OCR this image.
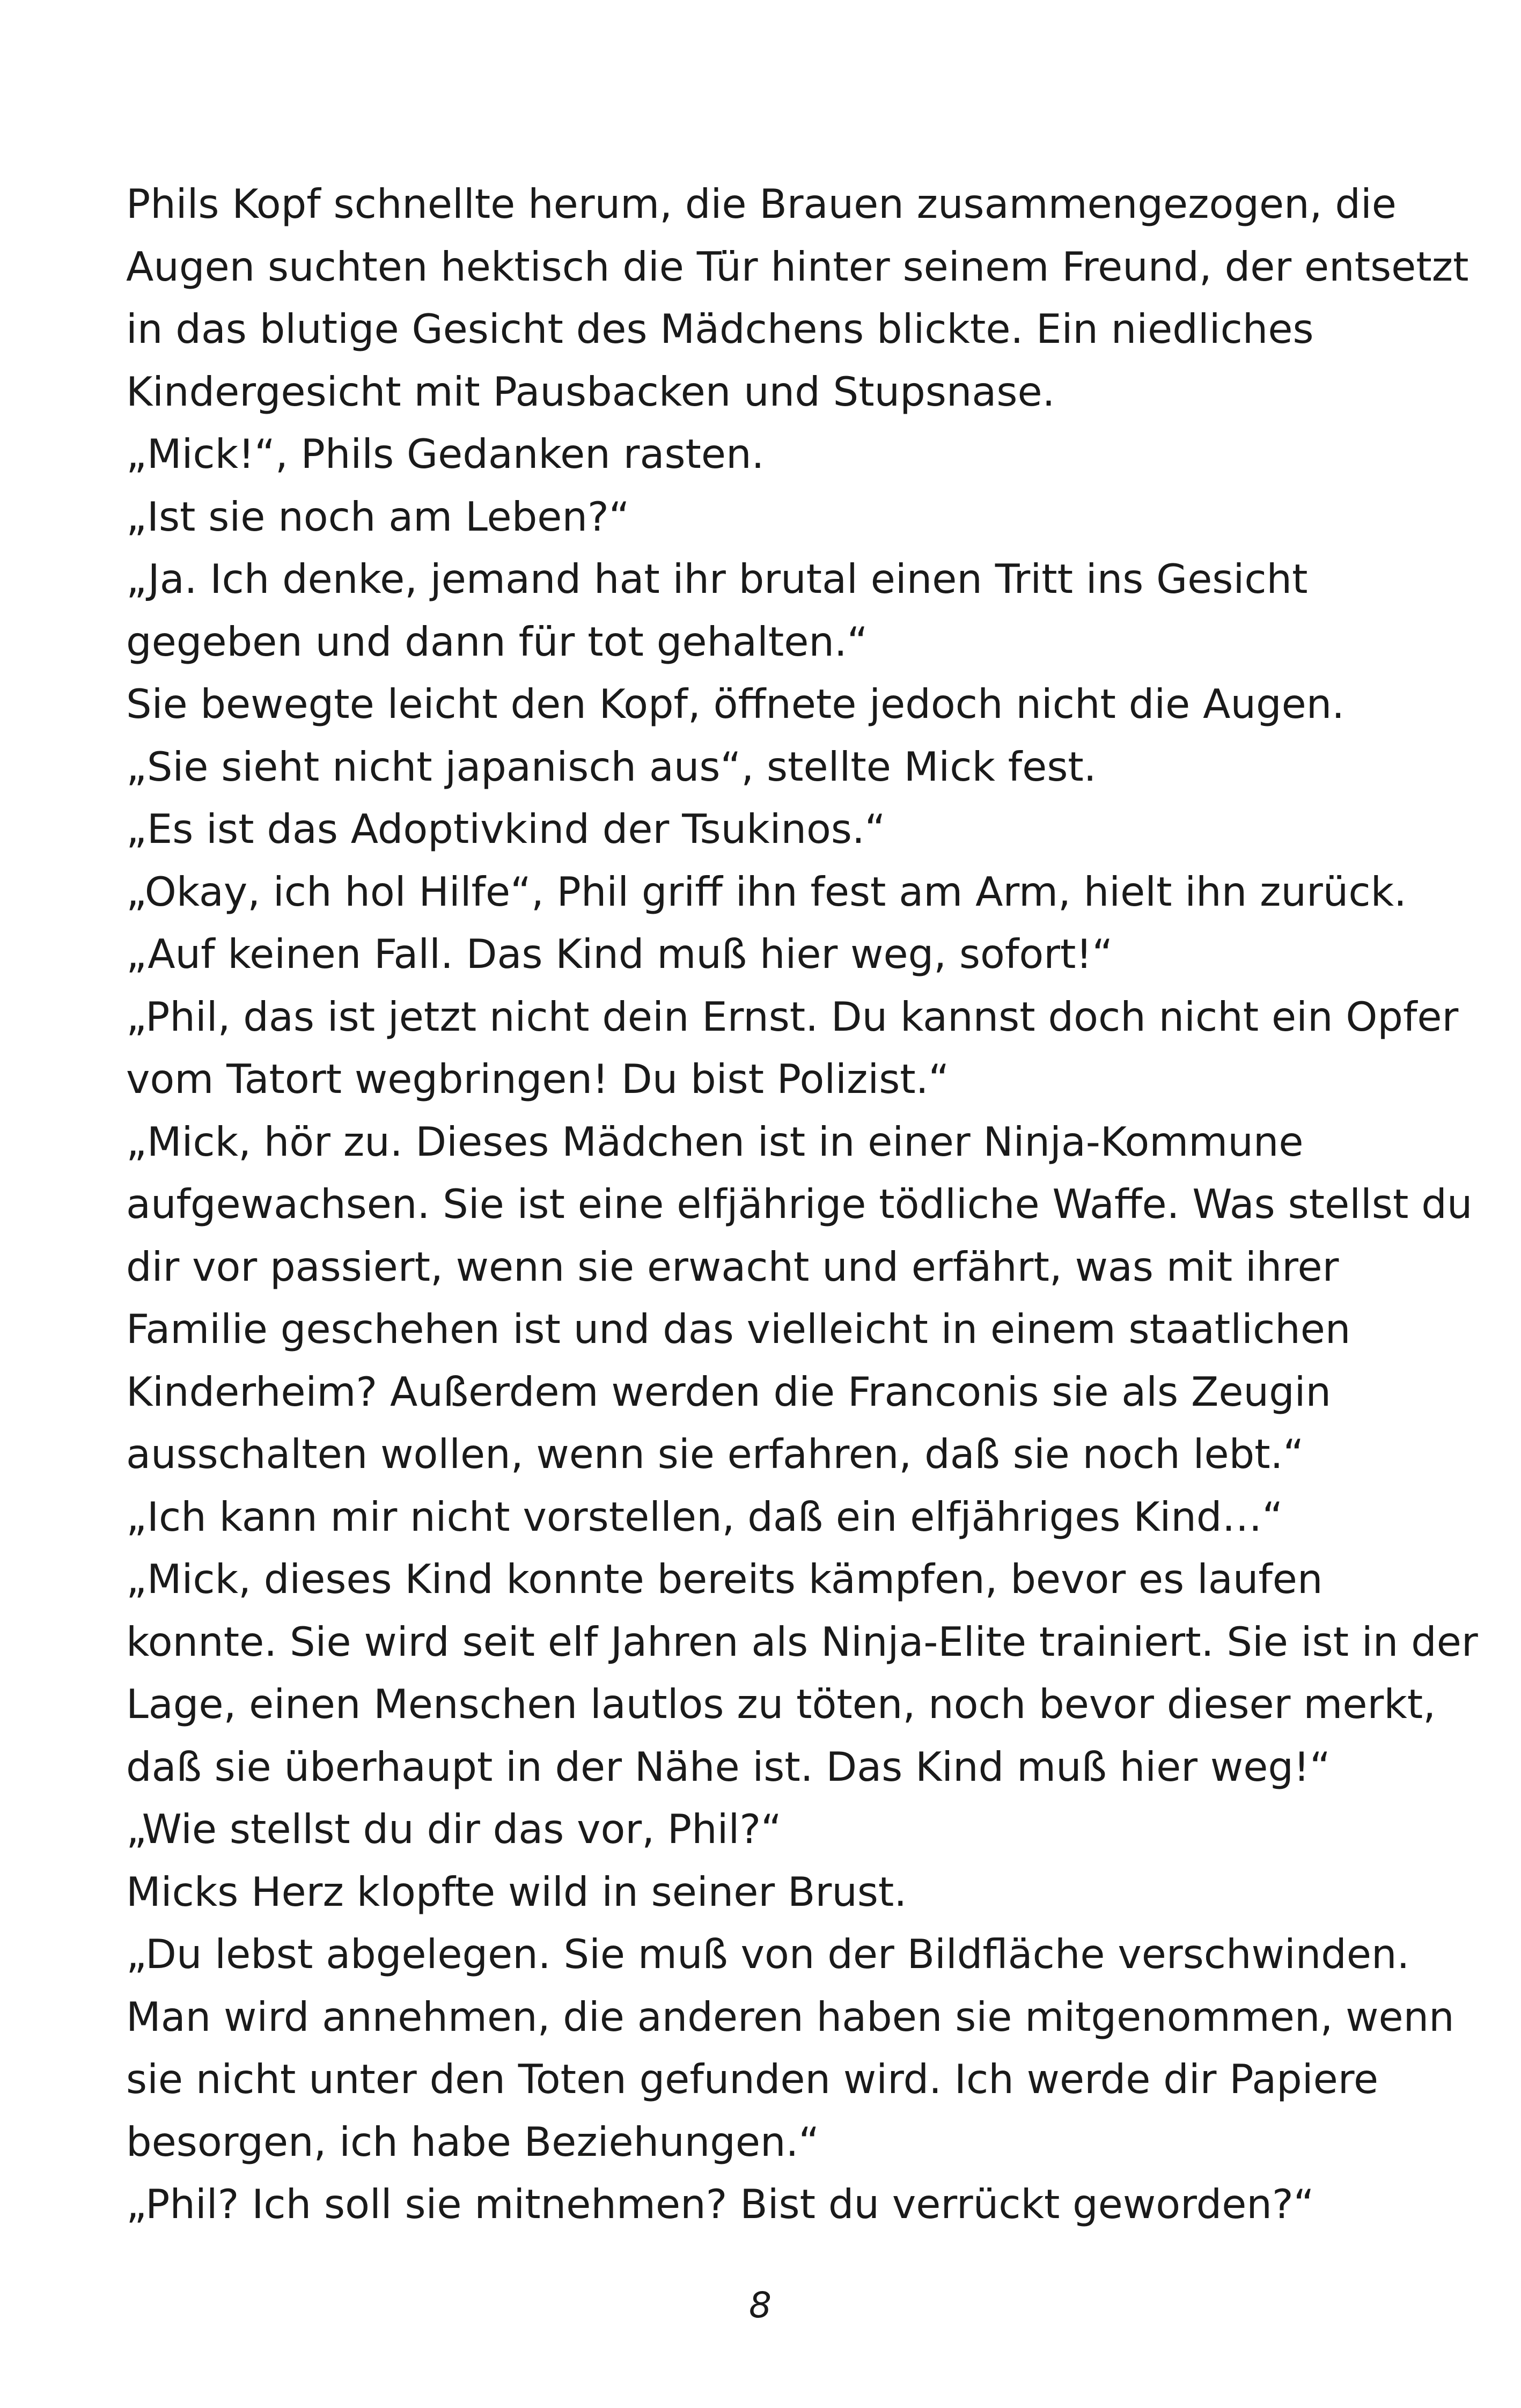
Phils Kopf schnellte herum, die Brauen zusammengezogen, die

Augen suchten hektisch die Tür hinter seinem Freund, der entsetzt

in das blutige Gesicht des Mädchens blickte. Ein niedliches

Kindergesicht mit Pausbacken und Stupsnase.

„Mick!“, Phils Gedanken rasten.

„Ist sie noch am Leben?“

„Ja. Ich denke, jemand hat ihr brutal einen Tritt ins Gesicht

gegeben und dann für tot gehalten.“

Sie bewegte leicht den Kopf, öffnete jedoch nicht die Augen.

„Sie sieht nicht japanisch aus“, stellte Mick fest.

„Es ist das Adoptivkind der Tsukinos.“

„Okay, ich hol Hilfe“, Phil griff ihn fest am Arm, hielt ihn zurück.

„Auf keinen Fall. Das Kind muß hier weg, sofort!“

„Phil, das ist jetzt nicht dein Ernst. Du kannst doch nicht ein Opfer

vom Tatort wegbringen! Du bist Polizist.“

„Mick, hör zu. Dieses Mädchen ist in einer Ninja-Kommune

aufgewachsen. Sie ist eine elfjährige tödliche Waffe. Was stellst du

dir vor passiert, wenn sie erwacht und erfährt, was mit ihrer

Familie geschehen ist und das vielleicht in einem staatlichen

Kinderheim? Außerdem werden die Franconis sie als Zeugin

ausschalten wollen, wenn sie erfahren, daß sie noch lebt.“

„Ich kann mir nicht vorstellen, daß ein elfjähriges Kind…“

„Mick, dieses Kind konnte bereits kämpfen, bevor es laufen

konnte. Sie wird seit elf Jahren als Ninja-Elite trainiert. Sie ist in der

Lage, einen Menschen lautlos zu töten, noch bevor dieser merkt,

daß sie überhaupt in der Nähe ist. Das Kind muß hier weg!“

„Wie stellst du dir das vor, Phil?“

Micks Herz klopfte wild in seiner Brust.

„Du lebst abgelegen. Sie muß von der Bildfläche verschwinden.

Man wird annehmen, die anderen haben sie mitgenommen, wenn

sie nicht unter den Toten gefunden wird. Ich werde dir Papiere

besorgen, ich habe Beziehungen.“

„Phil? Ich soll sie mitnehmen? Bist du verrückt geworden?“

8
